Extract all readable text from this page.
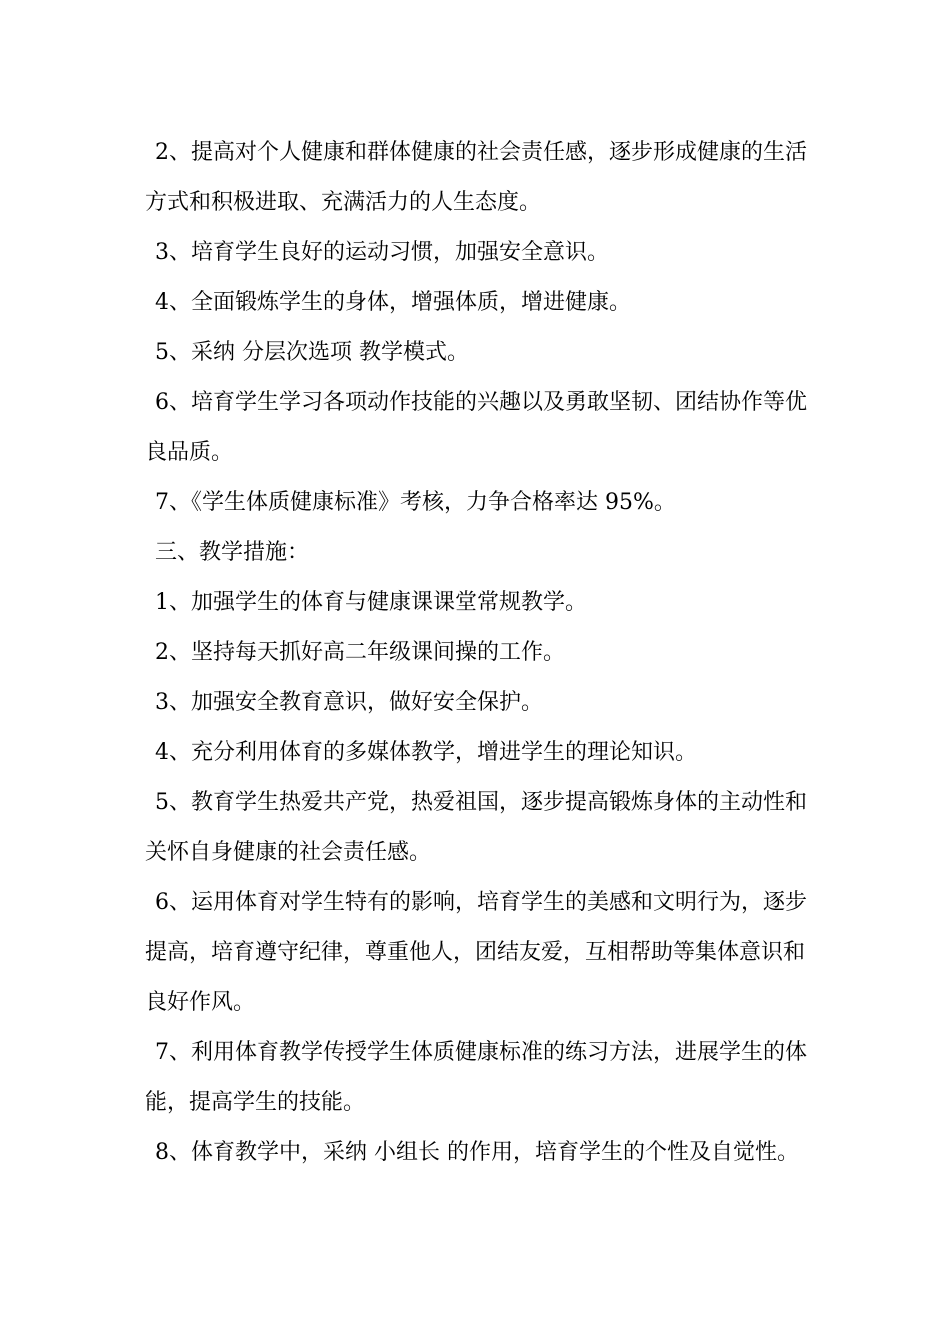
2、提高对个人健康和群体健康的社会责任感，逐步形成健康的生活方式和积极进取、充满活力的人生态度。

3、培育学生良好的运动习惯，加强安全意识。

4、全面锻炼学生的身体，增强体质，增进健康。

5、采纳 分层次选项 教学模式。

6、培育学生学习各项动作技能的兴趣以及勇敢坚韧、团结协作等优良品质。

7、《学生体质健康标准》考核，力争合格率达 95%。

三、教学措施：

1、加强学生的体育与健康课课堂常规教学。

2、坚持每天抓好高二年级课间操的工作。

3、加强安全教育意识，做好安全保护。

4、充分利用体育的多媒体教学，增进学生的理论知识。

5、教育学生热爱共产党，热爱祖国，逐步提高锻炼身体的主动性和关怀自身健康的社会责任感。

6、运用体育对学生特有的影响，培育学生的美感和文明行为，逐步提高，培育遵守纪律，尊重他人，团结友爱，互相帮助等集体意识和良好作风。

7、利用体育教学传授学生体质健康标准的练习方法，进展学生的体能，提高学生的技能。

8、体育教学中，采纳 小组长 的作用，培育学生的个性及自觉性。
